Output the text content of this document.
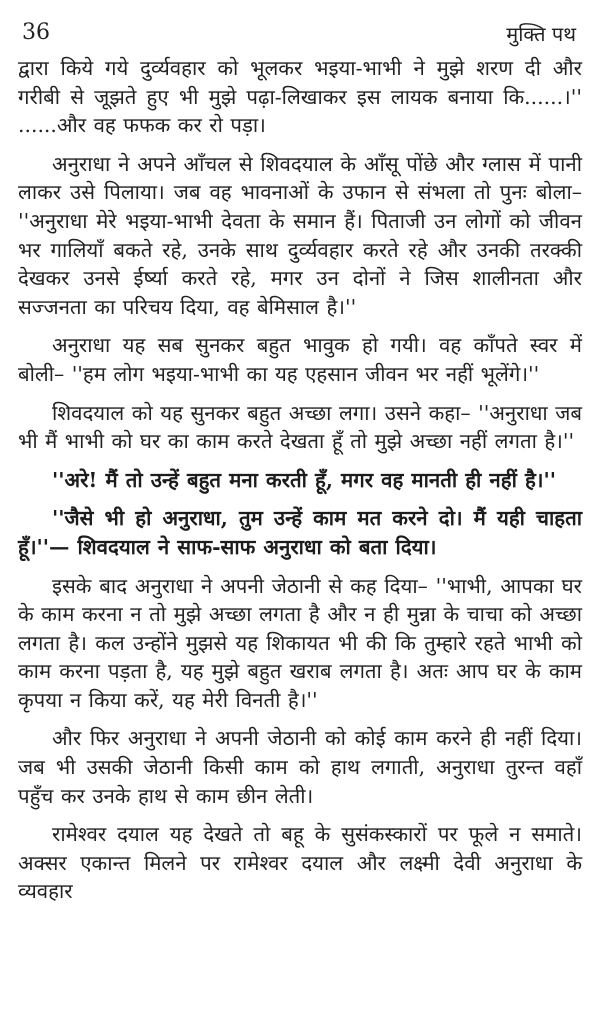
36	मुक्ति पथ

द्वारा किये गये दुर्व्यवहार को भूलकर भइया-भाभी ने मुझे शरण दी और गरीबी से जूझते हुए भी मुझे पढ़ा-लिखाकर इस लायक बनाया कि......।'' ......और वह फफक कर रो पड़ा।

अनुराधा ने अपने आँचल से शिवदयाल के आँसू पोंछे और ग्लास में पानी लाकर उसे पिलाया। जब वह भावनाओं के उफान से संभला तो पुनः बोला– ''अनुराधा मेरे भइया-भाभी देवता के समान हैं। पिताजी उन लोगों को जीवन भर गालियाँ बकते रहे, उनके साथ दुर्व्यवहार करते रहे और उनकी तरक्की देखकर उनसे ईर्ष्या करते रहे, मगर उन दोनों ने जिस शालीनता और सज्जनता का परिचय दिया, वह बेमिसाल है।''

अनुराधा यह सब सुनकर बहुत भावुक हो गयी। वह काँपते स्वर में बोली– ''हम लोग भइया-भाभी का यह एहसान जीवन भर नहीं भूलेंगे।''

शिवदयाल को यह सुनकर बहुत अच्छा लगा। उसने कहा– ''अनुराधा जब भी मैं भाभी को घर का काम करते देखता हूँ तो मुझे अच्छा नहीं लगता है।''

''अरे! मैं तो उन्हें बहुत मना करती हूँ, मगर वह मानती ही नहीं है।''

''जैसे भी हो अनुराधा, तुम उन्हें काम मत करने दो। मैं यही चाहता हूँ।''— शिवदयाल ने साफ-साफ अनुराधा को बता दिया।

इसके बाद अनुराधा ने अपनी जेठानी से कह दिया– ''भाभी, आपका घर के काम करना न तो मुझे अच्छा लगता है और न ही मुन्ना के चाचा को अच्छा लगता है। कल उन्होंने मुझसे यह शिकायत भी की कि तुम्हारे रहते भाभी को काम करना पड़ता है, यह मुझे बहुत खराब लगता है। अतः आप घर के काम कृपया न किया करें, यह मेरी विनती है।''

और फिर अनुराधा ने अपनी जेठानी को कोई काम करने ही नहीं दिया। जब भी उसकी जेठानी किसी काम को हाथ लगाती, अनुराधा तुरन्त वहाँ पहुँच कर उनके हाथ से काम छीन लेती।

रामेश्वर दयाल यह देखते तो बहू के सुसंकस्कारों पर फूले न समाते। अक्सर एकान्त मिलने पर रामेश्वर दयाल और लक्ष्मी देवी अनुराधा के व्यवहार
